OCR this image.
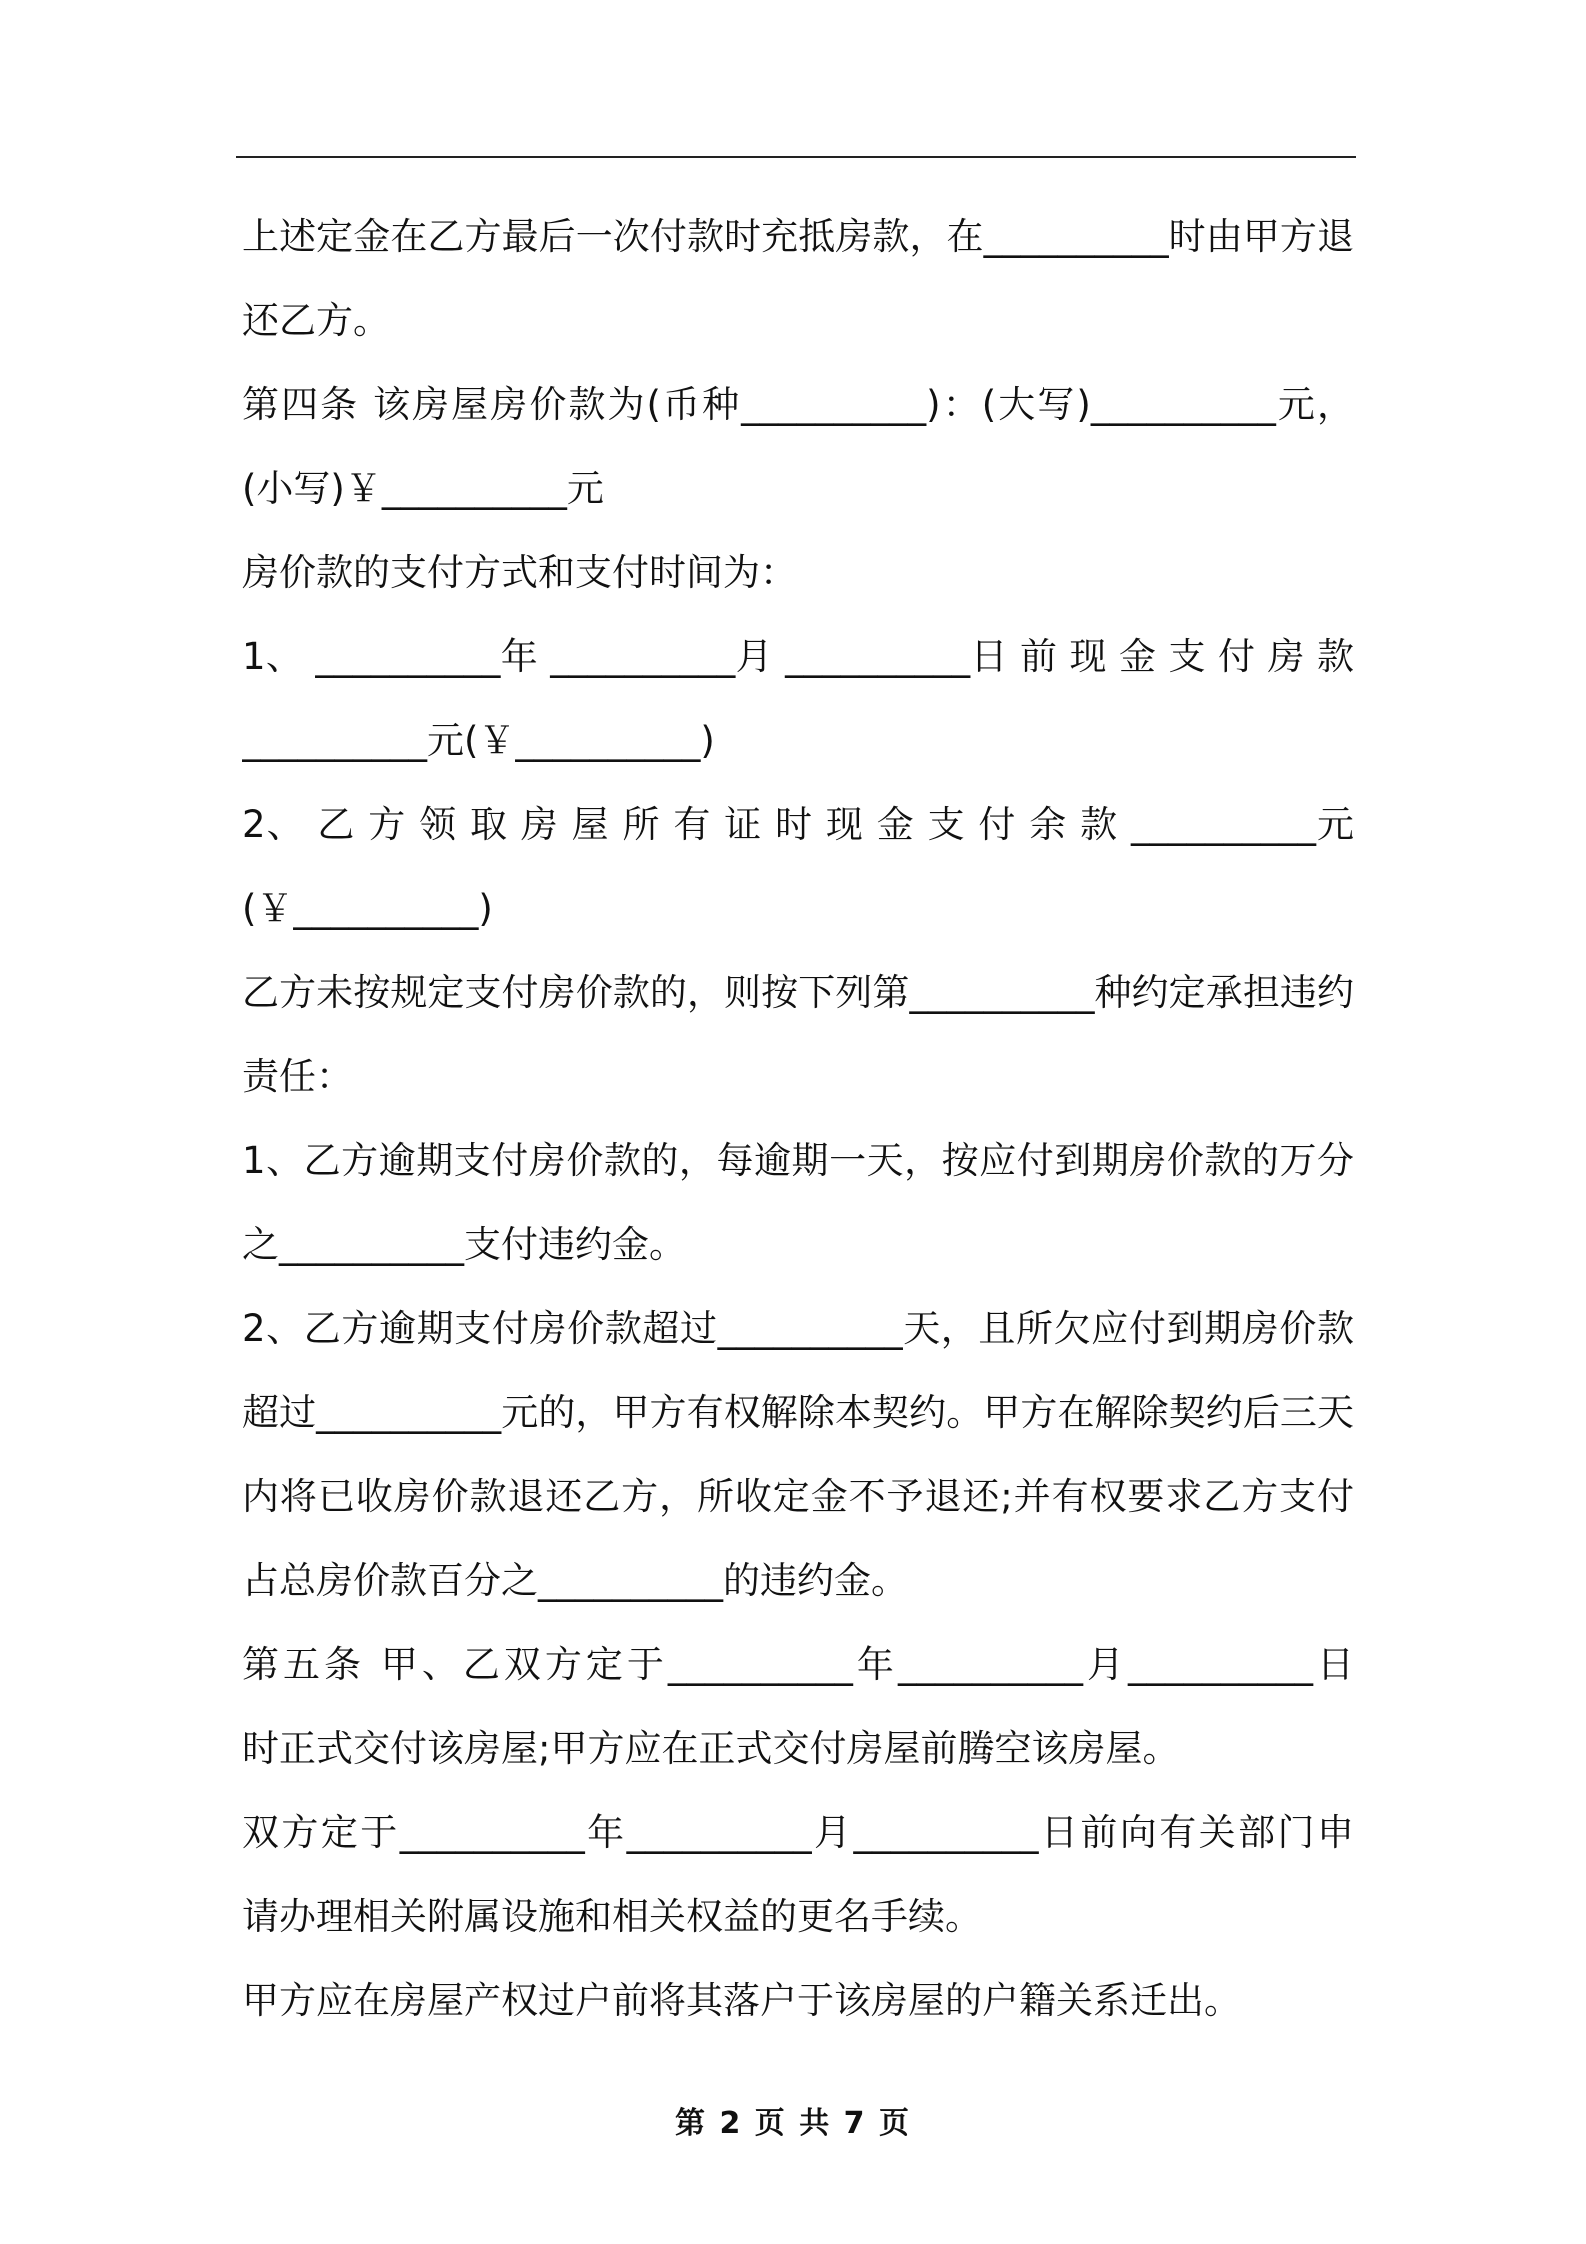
上述定金在乙方最后一次付款时充抵房款，在__________时由甲方退
还乙方。
第四条 该房屋房价款为(币种__________)：(大写)__________元，
(小写)￥__________元
房价款的支付方式和支付时间为：
1、 __________年 __________月 __________日 前 现 金 支 付 房 款
__________元(￥__________)
2、 乙 方 领 取 房 屋 所 有 证 时 现 金 支 付 余 款 __________元
(￥__________)
乙方未按规定支付房价款的，则按下列第__________种约定承担违约
责任：
1、乙方逾期支付房价款的，每逾期一天，按应付到期房价款的万分
之__________支付违约金。
2、乙方逾期支付房价款超过__________天，且所欠应付到期房价款
超过__________元的，甲方有权解除本契约。甲方在解除契约后三天
内将已收房价款退还乙方，所收定金不予退还;并有权要求乙方支付
占总房价款百分之__________的违约金。
第五条 甲、乙双方定于__________年__________月__________日
时正式交付该房屋;甲方应在正式交付房屋前腾空该房屋。
双方定于__________年__________月__________日前向有关部门申
请办理相关附属设施和相关权益的更名手续。
甲方应在房屋产权过户前将其落户于该房屋的户籍关系迁出。
第 2 页 共 7 页
